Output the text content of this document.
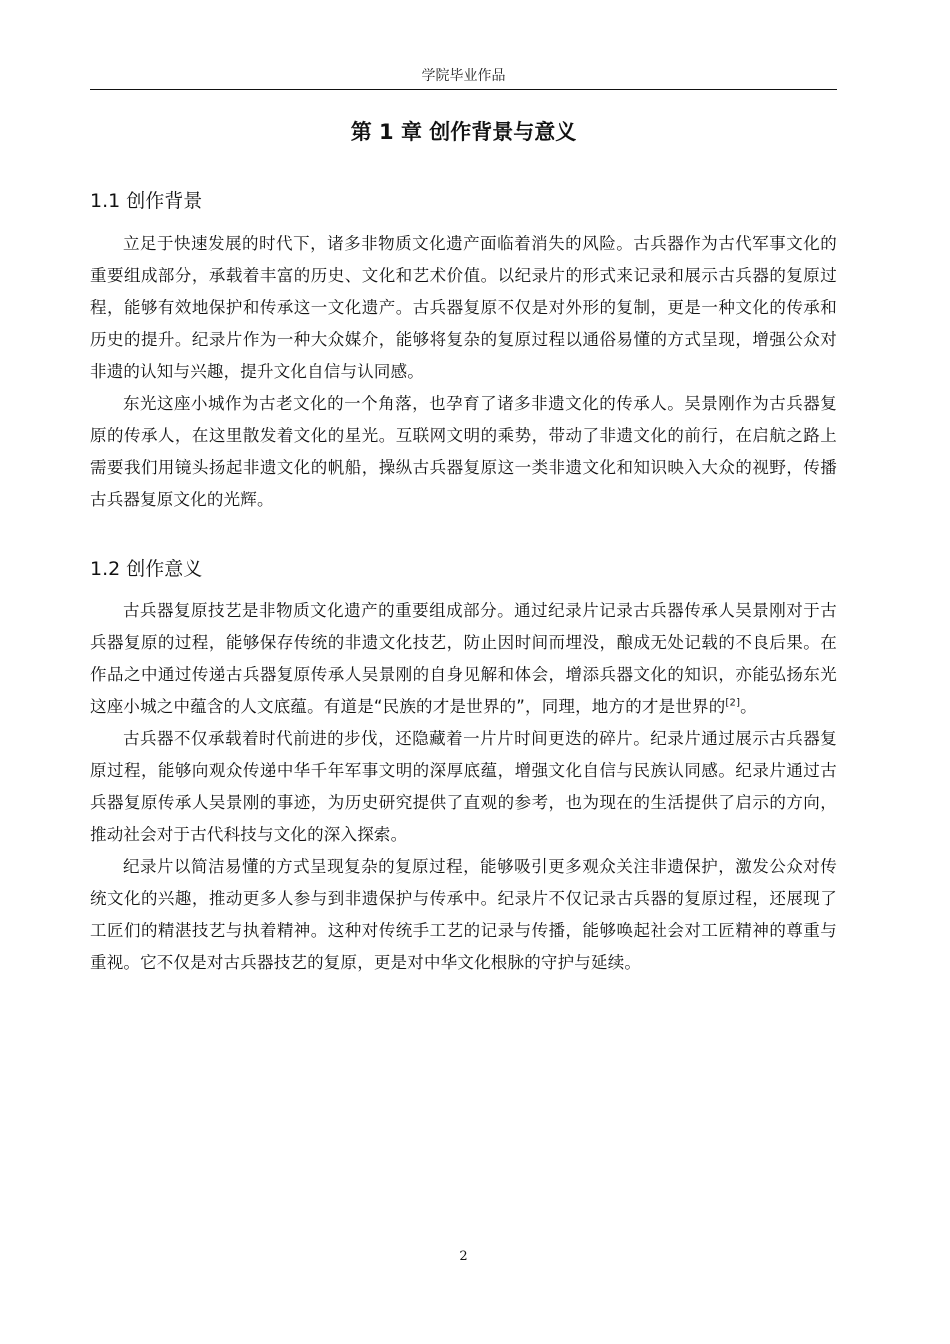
学院毕业作品
第 1 章 创作背景与意义
1.1 创作背景

立足于快速发展的时代下，诸多非物质文化遗产面临着消失的风险。古兵器作为古代军事文化的重要组成部分，承载着丰富的历史、文化和艺术价值。以纪录片的形式来记录和展示古兵器的复原过程，能够有效地保护和传承这一文化遗产。古兵器复原不仅是对外形的复制，更是一种文化的传承和历史的提升。纪录片作为一种大众媒介，能够将复杂的复原过程以通俗易懂的方式呈现，增强公众对非遗的认知与兴趣，提升文化自信与认同感。

东光这座小城作为古老文化的一个角落，也孕育了诸多非遗文化的传承人。吴景刚作为古兵器复原的传承人，在这里散发着文化的星光。互联网文明的乘势，带动了非遗文化的前行，在启航之路上需要我们用镜头扬起非遗文化的帆船，操纵古兵器复原这一类非遗文化和知识映入大众的视野，传播古兵器复原文化的光辉。

1.2 创作意义

古兵器复原技艺是非物质文化遗产的重要组成部分。通过纪录片记录古兵器传承人吴景刚对于古兵器复原的过程，能够保存传统的非遗文化技艺，防止因时间而埋没，酿成无处记载的不良后果。在作品之中通过传递古兵器复原传承人吴景刚的自身见解和体会，增添兵器文化的知识，亦能弘扬东光这座小城之中蕴含的人文底蕴。有道是“民族的才是世界的”，同理，地方的才是世界的[2]。

古兵器不仅承载着时代前进的步伐，还隐藏着一片片时间更迭的碎片。纪录片通过展示古兵器复原过程，能够向观众传递中华千年军事文明的深厚底蕴，增强文化自信与民族认同感。纪录片通过古兵器复原传承人吴景刚的事迹，为历史研究提供了直观的参考，也为现在的生活提供了启示的方向，推动社会对于古代科技与文化的深入探索。

纪录片以简洁易懂的方式呈现复杂的复原过程，能够吸引更多观众关注非遗保护，激发公众对传统文化的兴趣，推动更多人参与到非遗保护与传承中。纪录片不仅记录古兵器的复原过程，还展现了工匠们的精湛技艺与执着精神。这种对传统手工艺的记录与传播，能够唤起社会对工匠精神的尊重与重视。它不仅是对古兵器技艺的复原，更是对中华文化根脉的守护与延续。

2
